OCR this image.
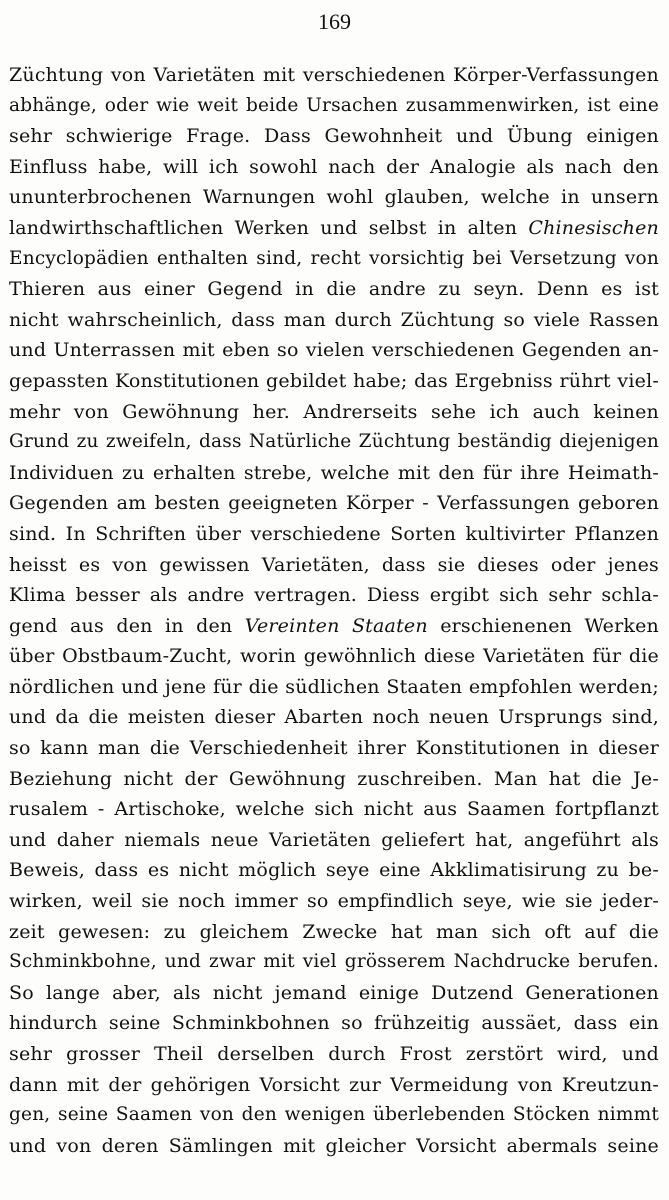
169
Züchtung von Varietäten mit verschiedenen Körper-Verfassungen
abhänge, oder wie weit beide Ursachen zusammenwirken, ist eine
sehr schwierige Frage. Dass Gewohnheit und Übung einigen
Einfluss habe, will ich sowohl nach der Analogie als nach den
ununterbrochenen Warnungen wohl glauben, welche in unsern
landwirthschaftlichen Werken und selbst in alten Chinesischen
Encyclopädien enthalten sind, recht vorsichtig bei Versetzung von
Thieren aus einer Gegend in die andre zu seyn. Denn es ist
nicht wahrscheinlich, dass man durch Züchtung so viele Rassen
und Unterrassen mit eben so vielen verschiedenen Gegenden an-
gepassten Konstitutionen gebildet habe; das Ergebniss rührt viel-
mehr von Gewöhnung her. Andrerseits sehe ich auch keinen
Grund zu zweifeln, dass Natürliche Züchtung beständig diejenigen
Individuen zu erhalten strebe, welche mit den für ihre Heimath-
Gegenden am besten geeigneten Körper - Verfassungen geboren
sind. In Schriften über verschiedene Sorten kultivirter Pflanzen
heisst es von gewissen Varietäten, dass sie dieses oder jenes
Klima besser als andre vertragen. Diess ergibt sich sehr schla-
gend aus den in den Vereinten Staaten erschienenen Werken
über Obstbaum-Zucht, worin gewöhnlich diese Varietäten für die
nördlichen und jene für die südlichen Staaten empfohlen werden;
und da die meisten dieser Abarten noch neuen Ursprungs sind,
so kann man die Verschiedenheit ihrer Konstitutionen in dieser
Beziehung nicht der Gewöhnung zuschreiben. Man hat die Je-
rusalem - Artischoke, welche sich nicht aus Saamen fortpflanzt
und daher niemals neue Varietäten geliefert hat, angeführt als
Beweis, dass es nicht möglich seye eine Akklimatisirung zu be-
wirken, weil sie noch immer so empfindlich seye, wie sie jeder-
zeit gewesen: zu gleichem Zwecke hat man sich oft auf die
Schminkbohne, und zwar mit viel grösserem Nachdrucke berufen.
So lange aber, als nicht jemand einige Dutzend Generationen
hindurch seine Schminkbohnen so frühzeitig aussäet, dass ein
sehr grosser Theil derselben durch Frost zerstört wird, und
dann mit der gehörigen Vorsicht zur Vermeidung von Kreutzun-
gen, seine Saamen von den wenigen überlebenden Stöcken nimmt
und von deren Sämlingen mit gleicher Vorsicht abermals seine
